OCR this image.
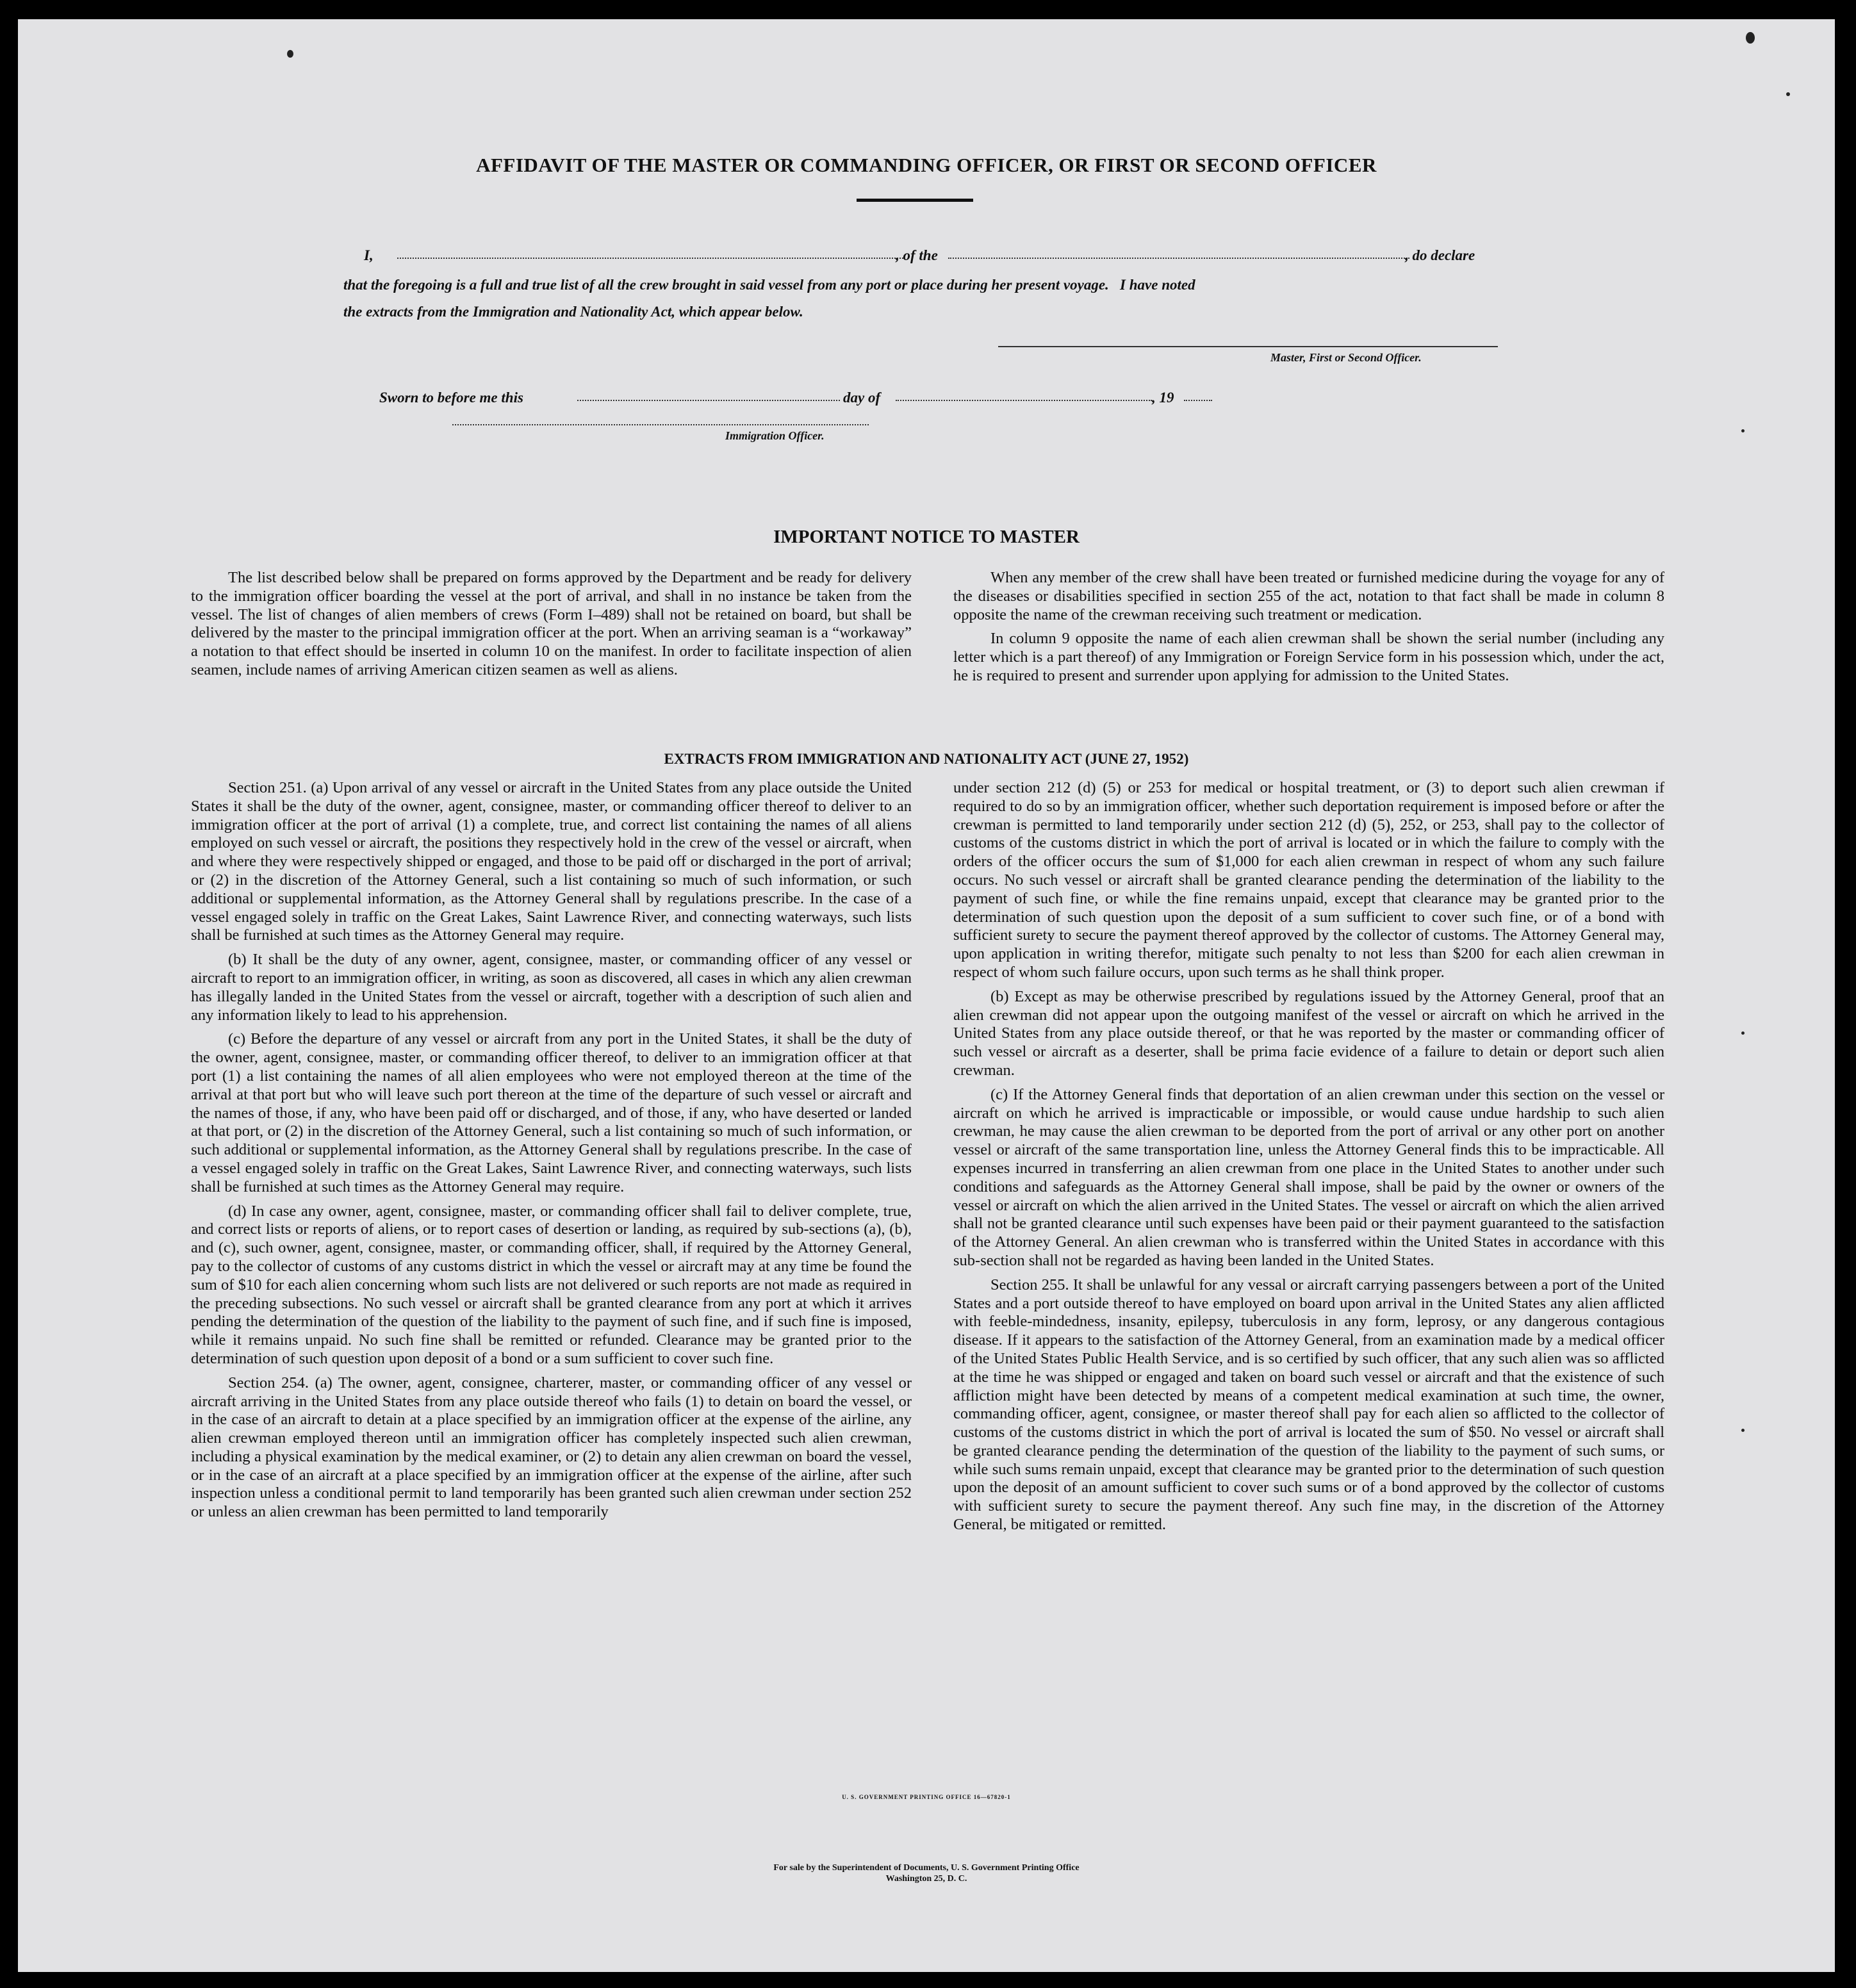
AFFIDAVIT OF THE MASTER OR COMMANDING OFFICER, OR FIRST OR SECOND OFFICER
I,	, of the	, do declare
that the foregoing is a full and true list of all the crew brought in said vessel from any port or place during her present voyage.   I have noted
the extracts from the Immigration and Nationality Act, which appear below.
Master, First or Second Officer.
Sworn to before me this	day of	, 19
Immigration Officer.
IMPORTANT NOTICE TO MASTER

The list described below shall be prepared on forms approved by the Department and be ready for delivery to the immigration officer boarding the vessel at the port of arrival, and shall in no instance be taken from the vessel. The list of changes of alien members of crews (Form I–489) shall not be retained on board, but shall be delivered by the master to the principal immigration officer at the port. When an arriving seaman is a “workaway” a notation to that effect should be inserted in column 10 on the manifest. In order to facilitate inspection of alien seamen, include names of arriving American citizen seamen as well as aliens.

When any member of the crew shall have been treated or furnished medicine during the voyage for any of the diseases or disabilities specified in section 255 of the act, notation to that fact shall be made in column 8 opposite the name of the crewman receiving such treatment or medication.

In column 9 opposite the name of each alien crewman shall be shown the serial number (including any letter which is a part thereof) of any Immigration or Foreign Service form in his possession which, under the act, he is required to present and surrender upon applying for admission to the United States.

EXTRACTS FROM IMMIGRATION AND NATIONALITY ACT (JUNE 27, 1952)

Section 251. (a) Upon arrival of any vessel or aircraft in the United States from any place outside the United States it shall be the duty of the owner, agent, consignee, master, or commanding officer thereof to deliver to an immigration officer at the port of arrival (1) a complete, true, and correct list containing the names of all aliens employed on such vessel or aircraft, the positions they respectively hold in the crew of the vessel or aircraft, when and where they were respectively shipped or engaged, and those to be paid off or discharged in the port of arrival; or (2) in the discretion of the Attorney General, such a list containing so much of such information, or such additional or supplemental information, as the Attorney General shall by regulations prescribe. In the case of a vessel engaged solely in traffic on the Great Lakes, Saint Lawrence River, and connecting waterways, such lists shall be furnished at such times as the Attorney General may require.

(b) It shall be the duty of any owner, agent, consignee, master, or commanding officer of any vessel or aircraft to report to an immigration officer, in writing, as soon as discovered, all cases in which any alien crewman has illegally landed in the United States from the vessel or aircraft, together with a description of such alien and any information likely to lead to his apprehension.

(c) Before the departure of any vessel or aircraft from any port in the United States, it shall be the duty of the owner, agent, consignee, master, or commanding officer thereof, to deliver to an immigration officer at that port (1) a list containing the names of all alien employees who were not employed thereon at the time of the arrival at that port but who will leave such port thereon at the time of the departure of such vessel or aircraft and the names of those, if any, who have been paid off or discharged, and of those, if any, who have deserted or landed at that port, or (2) in the discretion of the Attorney General, such a list containing so much of such information, or such additional or supplemental information, as the Attorney General shall by regulations prescribe. In the case of a vessel engaged solely in traffic on the Great Lakes, Saint Lawrence River, and connecting waterways, such lists shall be furnished at such times as the Attorney General may require.

(d) In case any owner, agent, consignee, master, or commanding officer shall fail to deliver complete, true, and correct lists or reports of aliens, or to report cases of desertion or landing, as required by sub-sections (a), (b), and (c), such owner, agent, consignee, master, or commanding officer, shall, if required by the Attorney General, pay to the collector of customs of any customs district in which the vessel or aircraft may at any time be found the sum of $10 for each alien concerning whom such lists are not delivered or such reports are not made as required in the preceding subsections. No such vessel or aircraft shall be granted clearance from any port at which it arrives pending the determination of the question of the liability to the payment of such fine, and if such fine is imposed, while it remains unpaid. No such fine shall be remitted or refunded. Clearance may be granted prior to the determination of such question upon deposit of a bond or a sum sufficient to cover such fine.

Section 254. (a) The owner, agent, consignee, charterer, master, or commanding officer of any vessel or aircraft arriving in the United States from any place outside thereof who fails (1) to detain on board the vessel, or in the case of an aircraft to detain at a place specified by an immigration officer at the expense of the airline, any alien crewman employed thereon until an immigration officer has completely inspected such alien crewman, including a physical examination by the medical examiner, or (2) to detain any alien crewman on board the vessel, or in the case of an aircraft at a place specified by an immigration officer at the expense of the airline, after such inspection unless a conditional permit to land temporarily has been granted such alien crewman under section 252 or unless an alien crewman has been permitted to land temporarily

under section 212 (d) (5) or 253 for medical or hospital treatment, or (3) to deport such alien crewman if required to do so by an immigration officer, whether such deportation requirement is imposed before or after the crewman is permitted to land temporarily under section 212 (d) (5), 252, or 253, shall pay to the collector of customs of the customs district in which the port of arrival is located or in which the failure to comply with the orders of the officer occurs the sum of $1,000 for each alien crewman in respect of whom any such failure occurs. No such vessel or aircraft shall be granted clearance pending the determination of the liability to the payment of such fine, or while the fine remains unpaid, except that clearance may be granted prior to the determination of such question upon the deposit of a sum sufficient to cover such fine, or of a bond with sufficient surety to secure the payment thereof approved by the collector of customs. The Attorney General may, upon application in writing therefor, mitigate such penalty to not less than $200 for each alien crewman in respect of whom such failure occurs, upon such terms as he shall think proper.

(b) Except as may be otherwise prescribed by regulations issued by the Attorney General, proof that an alien crewman did not appear upon the outgoing manifest of the vessel or aircraft on which he arrived in the United States from any place outside thereof, or that he was reported by the master or commanding officer of such vessel or aircraft as a deserter, shall be prima facie evidence of a failure to detain or deport such alien crewman.

(c) If the Attorney General finds that deportation of an alien crewman under this section on the vessel or aircraft on which he arrived is impracticable or impossible, or would cause undue hardship to such alien crewman, he may cause the alien crewman to be deported from the port of arrival or any other port on another vessel or aircraft of the same transportation line, unless the Attorney General finds this to be impracticable. All expenses incurred in transferring an alien crewman from one place in the United States to another under such conditions and safeguards as the Attorney General shall impose, shall be paid by the owner or owners of the vessel or aircraft on which the alien arrived in the United States. The vessel or aircraft on which the alien arrived shall not be granted clearance until such expenses have been paid or their payment guaranteed to the satisfaction of the Attorney General. An alien crewman who is transferred within the United States in accordance with this sub-section shall not be regarded as having been landed in the United States.

Section 255. It shall be unlawful for any vessal or aircraft carrying passengers between a port of the United States and a port outside thereof to have employed on board upon arrival in the United States any alien afflicted with feeble-mindedness, insanity, epilepsy, tuberculosis in any form, leprosy, or any dangerous contagious disease. If it appears to the satisfaction of the Attorney General, from an examination made by a medical officer of the United States Public Health Service, and is so certified by such officer, that any such alien was so afflicted at the time he was shipped or engaged and taken on board such vessel or aircraft and that the existence of such affliction might have been detected by means of a competent medical examination at such time, the owner, commanding officer, agent, consignee, or master thereof shall pay for each alien so afflicted to the collector of customs of the customs district in which the port of arrival is located the sum of $50. No vessel or aircraft shall be granted clearance pending the determination of the question of the liability to the payment of such sums, or while such sums remain unpaid, except that clearance may be granted prior to the determination of such question upon the deposit of an amount sufficient to cover such sums or of a bond approved by the collector of customs with sufficient surety to secure the payment thereof. Any such fine may, in the discretion of the Attorney General, be mitigated or remitted.

U. S. GOVERNMENT PRINTING OFFICE 16—67820-1
For sale by the Superintendent of Documents, U. S. Government Printing Office
Washington 25, D. C.
